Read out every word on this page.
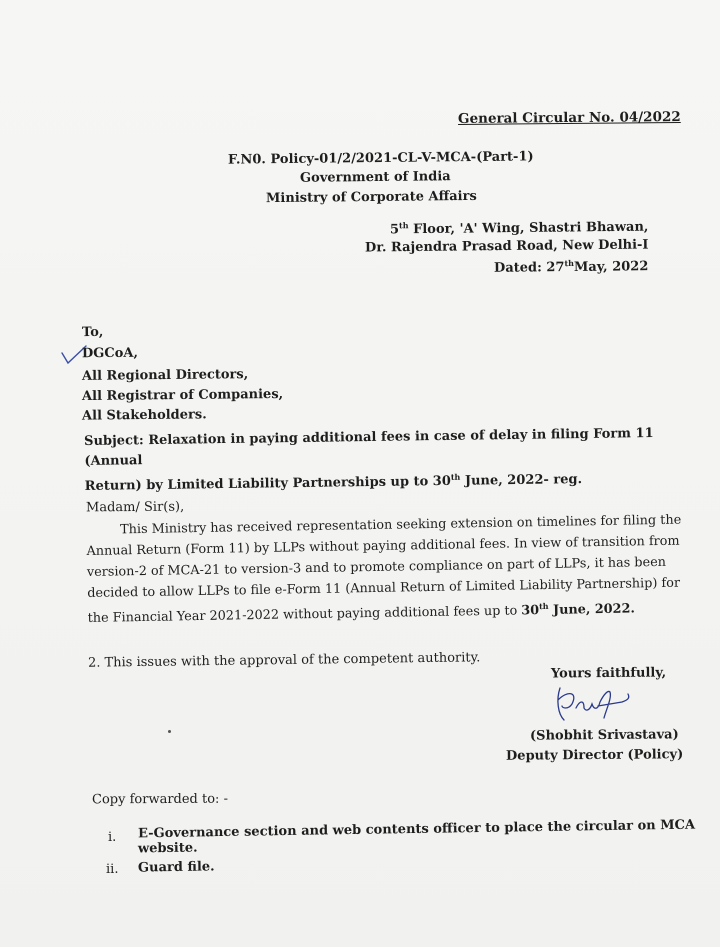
General Circular No. 04/2022
F.N0. Policy-01/2/2021-CL-V-MCA-(Part-1)
Government of India
Ministry of Corporate Affairs
5th Floor, 'A' Wing, Shastri Bhawan,
Dr. Rajendra Prasad Road, New Delhi-I
Dated: 27thMay, 2022
To,
DGCoA,
All Regional Directors,
All Registrar of Companies,
All Stakeholders.
Subject: Relaxation in paying additional fees in case of delay in filing Form 11 (Annual
Return) by Limited Liability Partnerships up to 30th June, 2022- reg.
Madam/ Sir(s),
This Ministry has received representation seeking extension on timelines for filing the
Annual Return (Form 11) by LLPs without paying additional fees. In view of transition from
version-2 of MCA-21 to version-3 and to promote compliance on part of LLPs, it has been
decided to allow LLPs to file e-Form 11 (Annual Return of Limited Liability Partnership) for
the Financial Year 2021-2022 without paying additional fees up to 30th June, 2022.
2. This issues with the approval of the competent authority.
Yours faithfully,
(Shobhit Srivastava)
Deputy Director (Policy)
Copy forwarded to: -
i. E-Governance section and web contents officer to place the circular on MCA
website.
ii. Guard file.
